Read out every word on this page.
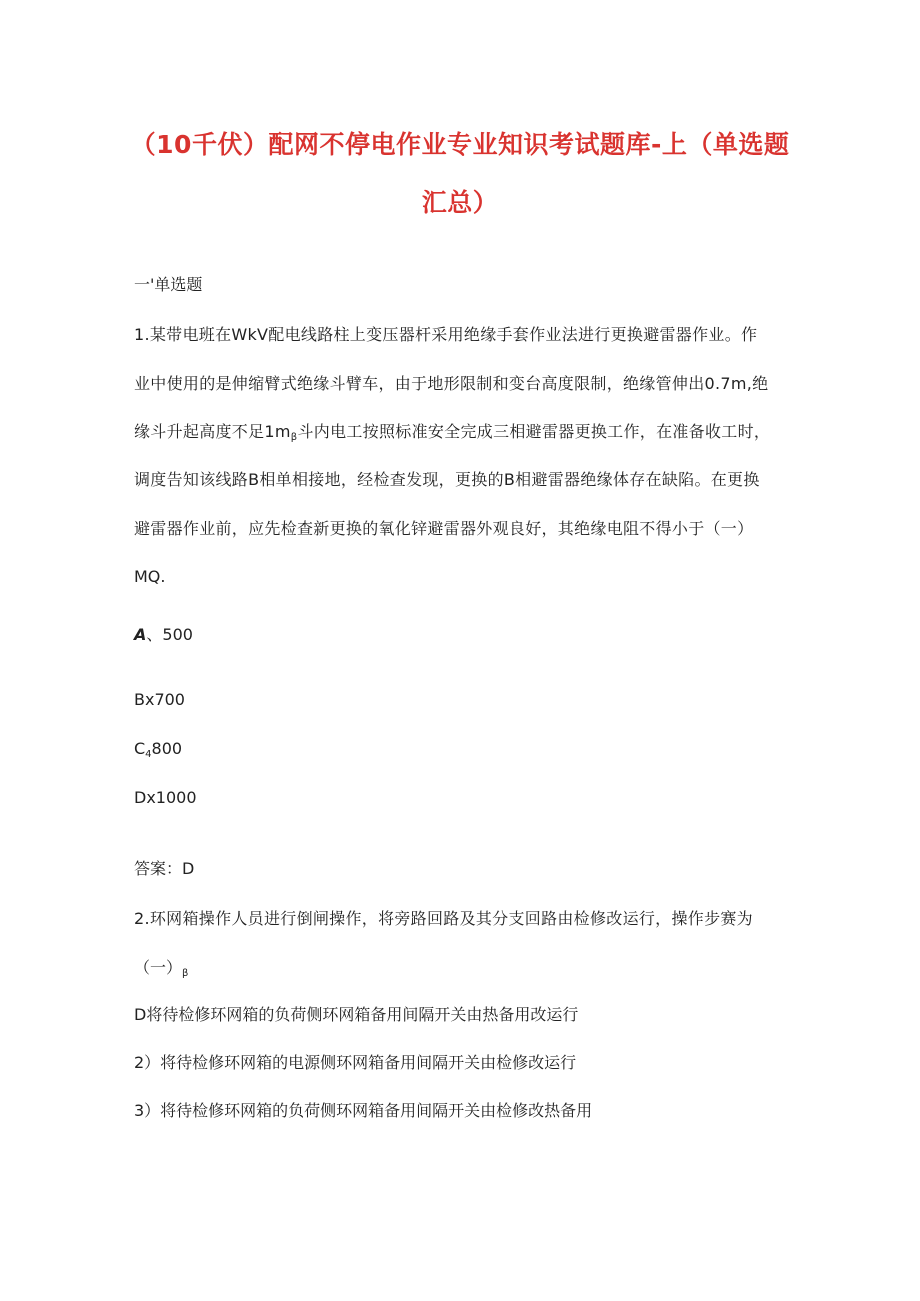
（10千伏）配网不停电作业专业知识考试题库-上（单选题
汇总）
一'单选题
1.某带电班在WkV配电线路柱上变压器杆采用绝缘手套作业法进行更换避雷器作业。作
业中使用的是伸缩臂式绝缘斗臂车，由于地形限制和变台高度限制，绝缘管伸出0.7m,绝
缘斗升起高度不足$1m_\beta$斗内电工按照标准安全完成三相避雷器更换工作，在准备收工时，
调度告知该线路B相单相接地，经检查发现，更换的B相避雷器绝缘体存在缺陷。在更换
避雷器作业前，应先检查新更换的氧化锌避雷器外观良好，其绝缘电阻不得小于（一）
MQ.
A、500
Bx700
$C_4800$
Dx1000
答案：D
2.环网箱操作人员进行倒闸操作，将旁路回路及其分支回路由检修改运行，操作步赛为
（一）$_\beta$
D将待检修环网箱的负荷侧环网箱备用间隔开关由热备用改运行
2）将待检修环网箱的电源侧环网箱备用间隔开关由检修改运行
3）将待检修环网箱的负荷侧环网箱备用间隔开关由检修改热备用
